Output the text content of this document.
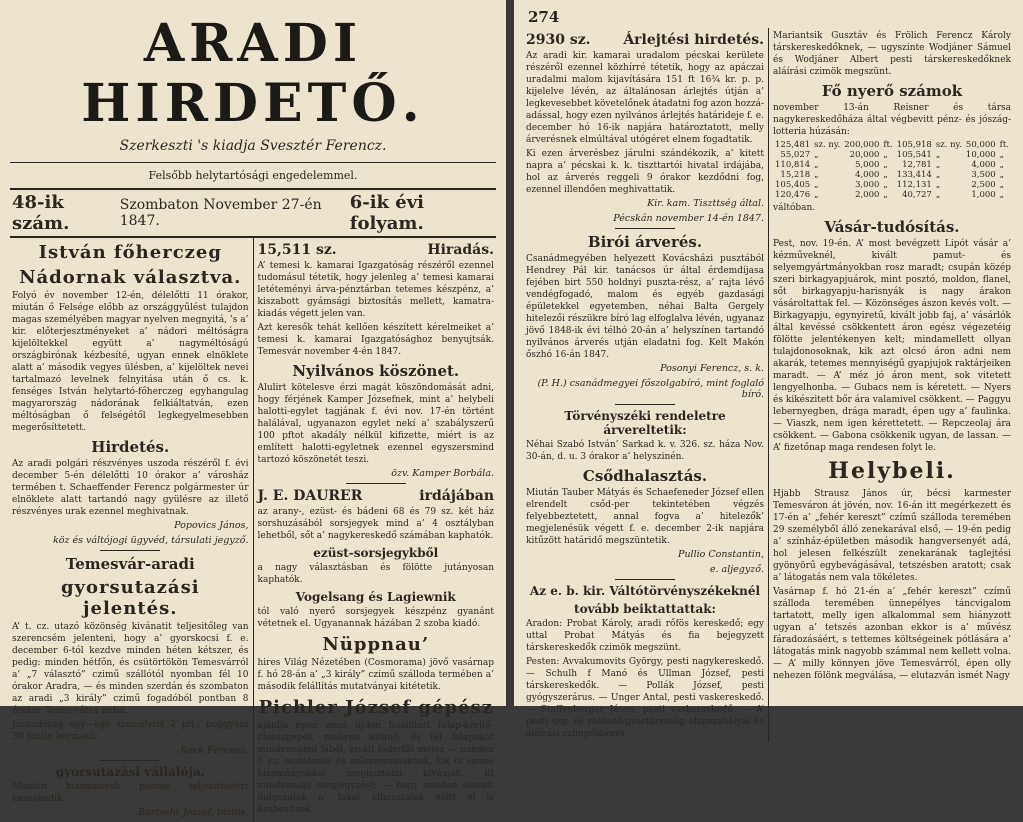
ARADI HIRDETŐ.
Szerkeszti 's kiadja Svesztér Ferencz.
Felsőbb helytartósági engedelemmel.
48-ik szám.
Szombaton November 27-én 1847.
6-ik évi folyam.
István főherczeg
Nádornak választva.
Folyó év november 12-én, délelőtti 11 órakor, miután ő Felsége előbb az országgyűlést tulajdon magas személyében magyar nyelven megnyitá, ’s a’ kir. előterjesztményeket a’ nádori méltóságra kijelöltekkel együtt a’ nagyméltóságú országbirónak kézbesíté, ugyan ennek elnöklete alatt a’ második vegyes ülésben, a’ kijelöltek nevei tartalmazó levelnek felnyitása után ő cs. k. fenséges István helytartó-főherczeg egyhangulag magyarország nádorának felkiáltatván, ezen méltóságban ő felségétől legkegyelmesebben megerősíttetett.
Hirdetés.
Az aradi polgári részvényes uszoda részéről f. évi december 5-én délelőtti 10 órakor a’ városház termében t. Schaeffender Ferencz polgármester úr elnöklete alatt tartandó nagy gyülésre az illető részvényes urak ezennel meghivatnak.
Popovics János,
köz és váltójogi ügyvéd, társulati jegyző.
Temesvár-aradi
gyorsutazási jelentés.
A’ t. cz. utazó közönség kivánatit teljesitőleg van szerencsém jelenteni, hogy a’ gyorskocsi f. e. december 6-tól kezdve minden héten kétszer, és pedig: minden hétfőn, és csütörtökön Temesvárról a’ „7 választó” czimű szállótól nyomban fél 10 órakor Aradra, — és minden szerdán és szombaton az aradi „3 király” czimű fogadóból pontban 8 órakor Temesvárra indul.
Járandóság egy—egy személytől 2 pft.; poggyász 30 fontig bérment.
Reck Ferencz,
gyorsutazási vállalója.
Minden bizományok pontos teljesítéséért kezeskedik
Bartseht József, biztos.
15,511 sz.	Hiradás.
A’ temesi k. kamarai Igazgatóság részéről ezennel tudomásul tétetik, hogy jelenleg a’ temesi kamarai letéteményi árva-pénztárban tetemes készpénz, a’ kiszabott gyámsági biztosítás mellett, kamatra-kiadás végett jelen van.
Azt keresők tehát kellően készített kérelmeiket a’ temesi k. kamarai Igazgatósághoz benyujtsák. Temesvár november 4-én 1847.
Nyilvános köszönet.
Alulirt kötelesve érzi magát köszöndomását adni, hogy férjének Kamper Józsefnek, mint a’ helybeli halotti-egylet tagjának f. évi nov. 17-én történt halálával, ugyanazon egylet nekí a’ szabályszerű 100 pftot akadály nélkül kifizette, miért is az említett halotti-egyletnek ezennel egyszersmind tartozó köszönetét teszi.
özv. Kamper Borbála.
J. E. DAURER	irdájában
az arany-, ezüst- és bádeni 68 és 79 sz. két ház sorshuzásából sorsjegyek mind a’ 4 osztályban lehetből, sőt a’ nagykereskedő számában kaphatók.
ezüst-sorsjegykből
a nagy választásban és fölötte jutányosan kaphatók.
Vogelsang és Lagiewnik
tól való nyerő sorsjegyek készpénz gyanánt vétetnek el. Ugyanannak házában 2 szoba kiadó.
Nüppnau’
hires Világ Nézetében (Cosmorama) jövő vasárnap f. hó 28-án a’ „3 király” czimű szálloda termében a’ második felállítás mutatványai kitétetik.
Pichler József gépész
ajánlja épen most ujdon felállított falap-körítő-fűrészgépét, mellyen kitünő, és fel falapokat mindennemű fából, kivált foderfát metsz — minden t. cz. asztalosok és műszeresinuknak, kik öt szives bizományokkal megtisztelni kiváuják, ilt mindennapi megjegyzést; — hogy minden tiszteit dolgozatok a’ fakat elhozatalok előtt el is kézbesítsek.
274
2930 sz. Árlejtési hirdetés.
Az aradi kir. kamarai uradalom pécskai kerülete részéről ezennel közhírré tétetik, hogy az apáczai uradalmi malom kijavítására 151 ft 16¾ kr. p. p. kijelelve lévén, az általánosan árlejtés útján a’ legkevesebbet követelőnek átadatni fog azon hozzá-adással, hogy ezen nyilvános árlejtés határideje f. e. december hó 16-ik napjára határoztatott, melly árverésnek elmúltával utógéret elnem fogadtatik.
Ki ezen árverésbez járulni szándékozik, a’ kitett napra a’ pécskai k. k. tiszttartói hivatal irdájába, hol az árverés reggeli 9 órakor kezdődni fog, ezennel illendően meghivattatik.
Kir. kam. Tiszttség által.
Pécskán november 14-én 1847.
Birói árverés.
Csanádmegyében helyezett Kovácsházi pusztából Hendrey Pál kir. tanácsos úr által érdemdíjasa fejében birt 550 holdnyi puszta-rész, a’ rajta lévő vendégfogadó, malom és egyéb gazdasági épületekkel egyetemben, néhai Balta Gergely hitelezői részükre bíró lag elfoglalva lévén, ugyanaz jövő 1848-ik évi télhó 20-án a’ helyszínen tartandó nyilvános árverés utján eladatni fog. Kelt Makón őszhó 16-án 1847.
Posonyi Ferencz, s. k.
(P. H.) csanádmegyei főszolgabíró, mint foglaló bíró.
Törvényszéki rendeletre árvereltetik:
Néhai Szabó István’ Sarkad k. v. 326. sz. háza Nov. 30-án, d. u. 3 órakor a’ helyszinén.
Csődhalasztás.
Miután Tauber Mátyás és Schaefeneder József ellen elrendelt csőd-per tekintetében végzés felyebbeztetett, annal fogva a’ hitelezők’ megjelenésük végett f. e. december 2-ik napjára kitűzött határidő megszüntetik.
Pullio Constantin,
e. aljegyző.
Az e. b. kir. Váltótörvényszékeknél
tovább beiktattattak:
Aradon: Probat Károly, aradi rőfös kereskedő; egy uttal Probat Mátyás és fia bejegyzett társkereskedők czimök megszünt.
Pesten: Avvakumovits György, pesti nagykereskedő. — Schulh f Manó és Ullman József, pesti társkereskedők. — Pollák József, pesti gyógyszerárus. — Unger Antal, pesti vaskereskedő. — Staffenberger János, pesti vaskereskedő. — A’ pesti gép és vasöntő-gyártársaság alapszabályai és aláírási czimpéldánya.
Mariantsik Gusztáv és Frölich Ferencz Károly társkereskedőknek, — ugyszinte Wodjáner Sámuel és Wodjáner Albert pesti társkereskedőknek aláírási czimök megszünt.
Fő nyerő számok
november 13-án Reisner és társa nagykereskedőháza által végbevitt pénz- és jószág-lotteria húzásán:
125,481	sz. ny.	200,000	ft.	105,918	sz. ny.	50,000	ft.
55,027	„	20,000	„	105,541	„	10,000	„
110,814	„	5,000	„	12,781	„	4,000	„
15,218	„	4,000	„	133,414	„	3,500	„
105,405	„	3,000	„	112,131	„	2,500	„
120,476	„	2,000	„	40,727	„	1,000	„
váltóban.
Vásár-tudósítás.
Pest, nov. 19-én. A’ most bevégzett Lipót vásár a’ kézműveknél, kivált pamut- és selyemgyártmányokban rosz maradt; csupán közép szeri birkagyapjuárok, mint posztó, moldon, flanel, sőt birkagyapju-harisnyák is nagy árakon vásároltattak fel. — Közönséges ászon kevés volt. — Birkagyapju, egynyiretű, kivált jobb faj, a’ vásárlók által kevéssé csökkentett áron egész végezetéig fölötte jelentékenyen kelt; mindamellett ollyan tulajdonosoknak, kik azt olcsó áron adni nem akarák, tetemes mennyiségű gyapjujok raktárjeiken maradt. — A’ méz jó áron ment, sok vitetett lengyelhonba. — Gubacs nem is kéretett. — Nyers és kikészitett bőr ára valamivel csökkent. — Paggyu lebernyegben, drága maradt, épen ugy a’ faulinka. — Viaszk, nem igen kérettetett. — Repczeolaj ára csökkent. — Gabona csökkenik ugyan, de lassan. — A’ fizetőnap maga rendesen folyt le.
Helybeli.
Hjabb Strausz János úr, bécsi karmester Temesváron át jövén, nov. 16-án itt megérkezett és 17-én a’ „fehér kereszt” czímű szálloda teremében 29 személyből álló zenekarával első, — 19-én pedig a’ színház-épületben második hangversenyét adá, hol jelesen felkészült zenekarának taglejtési gyönyörű egybevágásával, tetszésben aratott; csak a’ látogatás nem vala tökéletes.
Vasárnap f. hó 21-én a’ „fehér kereszt” czímű szálloda teremében ünnepélyes táncvigalom tartatott, melly igen alkalommal sem hiányzott ugyan a’ tetszés azonban ekkor is a’ művész fáradozásáért, s tettemes költségeinek pótlására a’ látogatás mink nagyobb számmal nem kellett volna. — A’ milly könnyen jöve Temesvárról, épen olly nehezen fölönk megválása, — elutazván ismét Nagy
